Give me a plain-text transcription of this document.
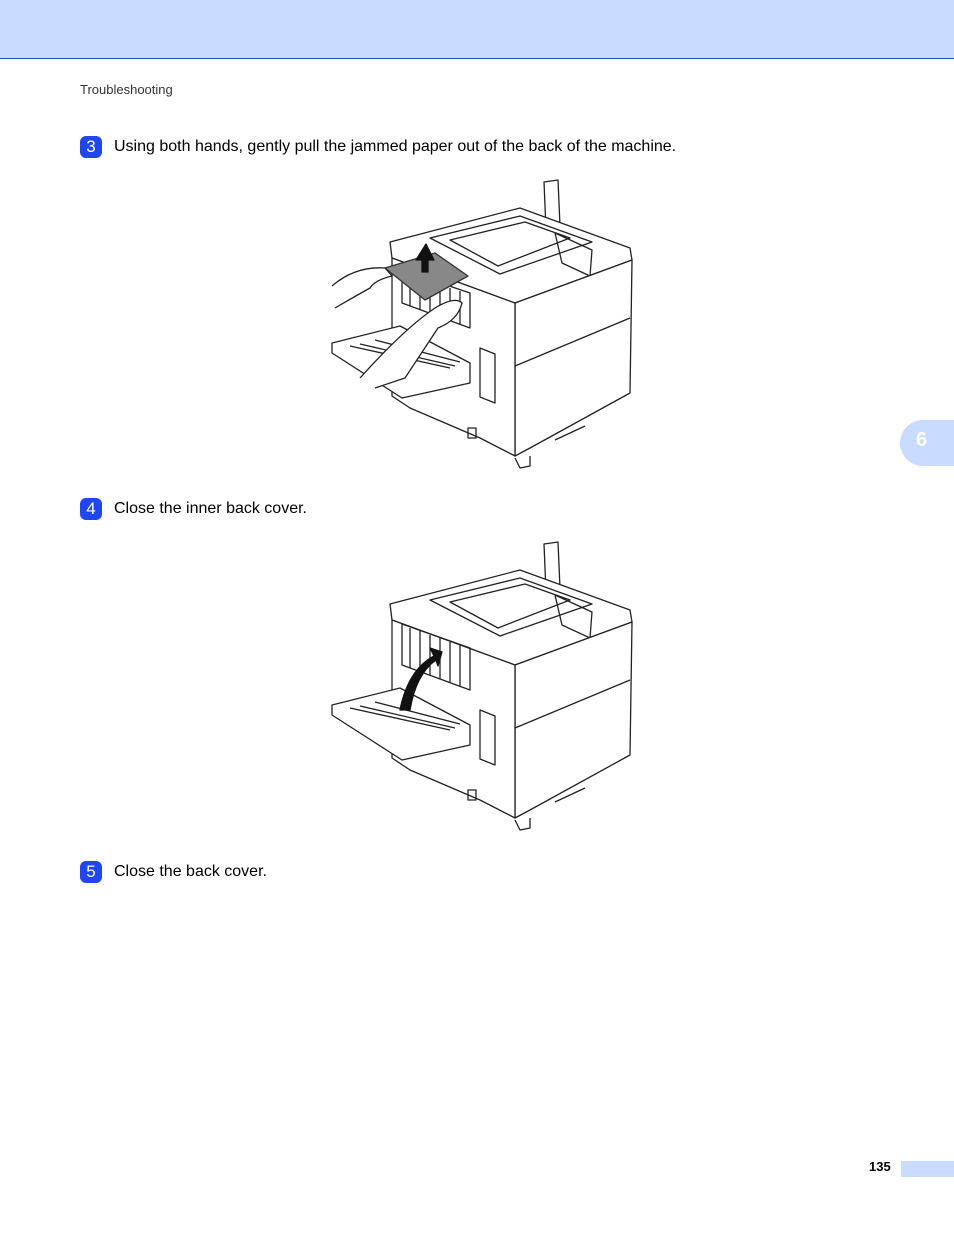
Troubleshooting
3	Using both hands, gently pull the jammed paper out of the back of the machine.
4	Close the inner back cover.
5	Close the back cover.
6
135
